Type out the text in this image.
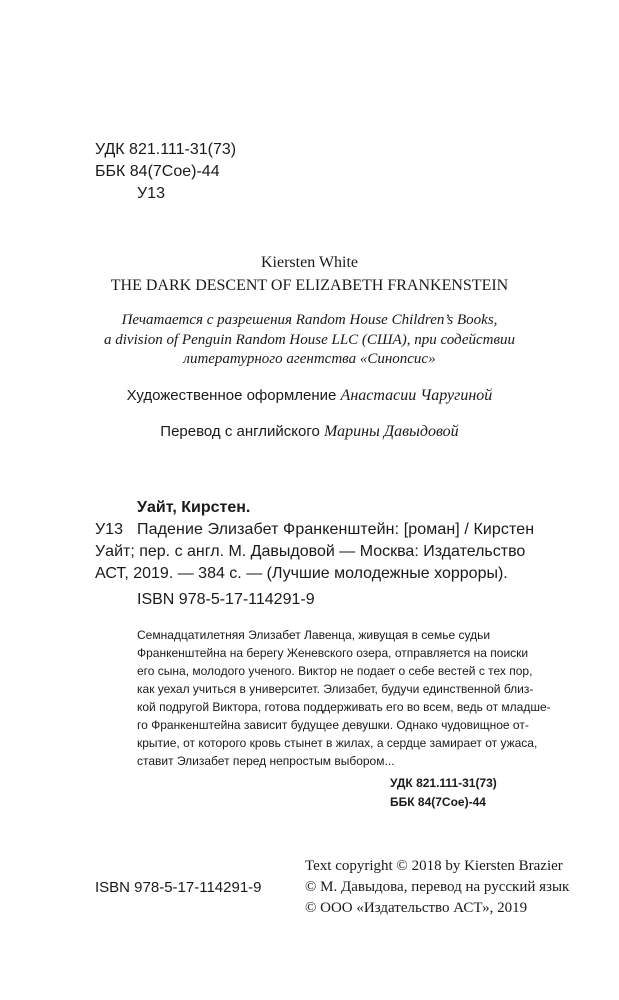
УДК 821.111-31(73)
ББК 84(7Сое)-44
У13
Kiersten White
THE DARK DESCENT OF ELIZABETH FRANKENSTEIN
Печатается с разрешения Random House Children’s Books,
a division of Penguin Random House LLC (США), при содействии
литературного агентства «Синопсис»
Художественное оформление Анастасии Чаругиной
Перевод с английского Марины Давыдовой
Уайт, Кирстен.
У13 Падение Элизабет Франкенштейн: [роман] / Кирстен
Уайт; пер. с англ. М. Давыдовой — Москва: Издательство
АСТ, 2019. — 384 с. — (Лучшие молодежные хорроры).
ISBN 978-5-17-114291-9
Семнадцатилетняя Элизабет Лавенца, живущая в семье судьи
Франкенштейна на берегу Женевского озера, отправляется на поиски
его сына, молодого ученого. Виктор не подает о себе вестей с тех пор,
как уехал учиться в университет. Элизабет, будучи единственной близ-
кой подругой Виктора, готова поддерживать его во всем, ведь от младше-
го Франкенштейна зависит будущее девушки. Однако чудовищное от-
крытие, от которого кровь стынет в жилах, а сердце замирает от ужаса,
ставит Элизабет перед непростым выбором...
УДК 821.111-31(73)
ББК 84(7Сое)-44
ISBN 978-5-17-114291-9
Text copyright © 2018 by Kiersten Brazier
© М. Давыдова, перевод на русский язык
© ООО «Издательство АСТ», 2019
